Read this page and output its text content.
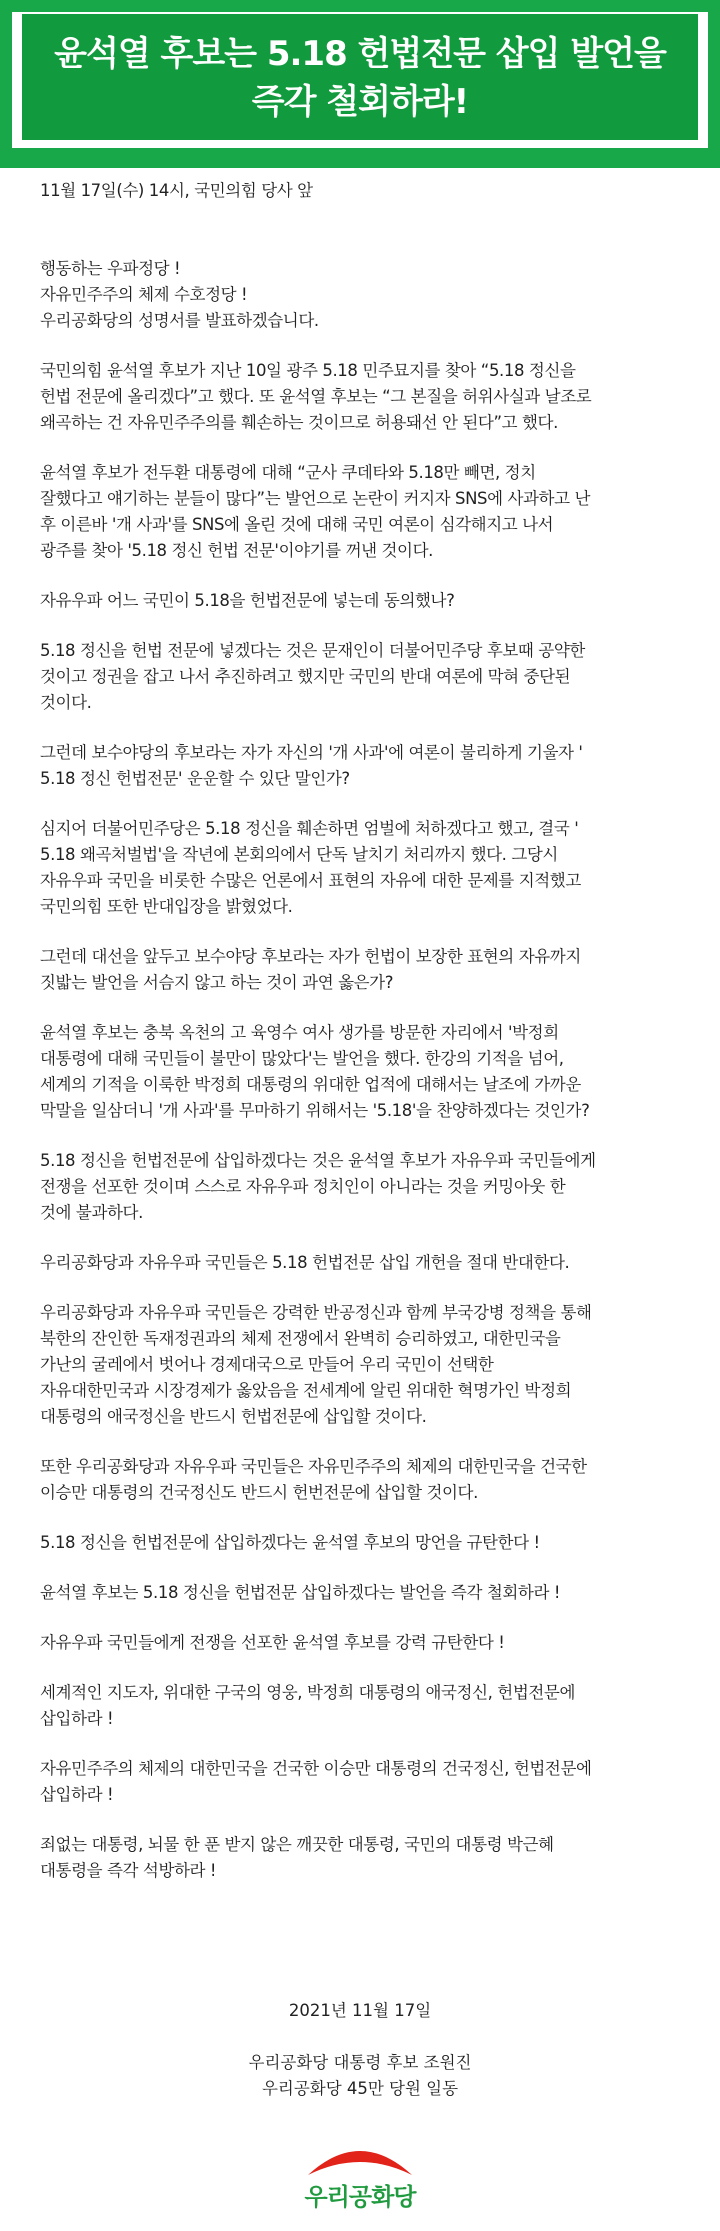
윤석열 후보는 5.18 헌법전문 삽입 발언을
즉각 철회하라!

11월 17일(수) 14시, 국민의힘 당사 앞

행동하는 우파정당 !
자유민주주의 체제 수호정당 !
우리공화당의 성명서를 발표하겠습니다.

국민의힘 윤석열 후보가 지난 10일 광주 5.18 민주묘지를 찾아 “5.18 정신을
헌법 전문에 올리겠다”고 했다. 또 윤석열 후보는 “그 본질을 허위사실과 날조로
왜곡하는 건 자유민주주의를 훼손하는 것이므로 허용돼선 안 된다”고 했다.

윤석열 후보가 전두환 대통령에 대해 “군사 쿠데타와 5.18만 빼면, 정치
잘했다고 얘기하는 분들이 많다”는 발언으로 논란이 커지자 SNS에 사과하고 난
후 이른바 '개 사과'를 SNS에 올린 것에 대해 국민 여론이 심각해지고 나서
광주를 찾아 '5.18 정신 헌법 전문'이야기를 꺼낸 것이다.

자유우파 어느 국민이 5.18을 헌법전문에 넣는데 동의했나?

5.18 정신을 헌법 전문에 넣겠다는 것은 문재인이 더불어민주당 후보때 공약한
것이고 정권을 잡고 나서 추진하려고 했지만 국민의 반대 여론에 막혀 중단된
것이다.

그런데 보수야당의 후보라는 자가 자신의 '개 사과'에 여론이 불리하게 기울자 '
5.18 정신 헌법전문' 운운할 수 있단 말인가?

심지어 더불어민주당은 5.18 정신을 훼손하면 엄벌에 처하겠다고 했고, 결국 '
5.18 왜곡처벌법'을 작년에 본회의에서 단독 날치기 처리까지 했다. 그당시
자유우파 국민을 비롯한 수많은 언론에서 표현의 자유에 대한 문제를 지적했고
국민의힘 또한 반대입장을 밝혔었다.

그런데 대선을 앞두고 보수야당 후보라는 자가 헌법이 보장한 표현의 자유까지
짓밟는 발언을 서슴지 않고 하는 것이 과연 옳은가?

윤석열 후보는 충북 옥천의 고 육영수 여사 생가를 방문한 자리에서 '박정희
대통령에 대해 국민들이 불만이 많았다'는 발언을 했다. 한강의 기적을 넘어,
세계의 기적을 이룩한 박정희 대통령의 위대한 업적에 대해서는 날조에 가까운
막말을 일삼더니 '개 사과'를 무마하기 위해서는 '5.18'을 찬양하겠다는 것인가?

5.18 정신을 헌법전문에 삽입하겠다는 것은 윤석열 후보가 자유우파 국민들에게
전쟁을 선포한 것이며 스스로 자유우파 정치인이 아니라는 것을 커밍아웃 한
것에 불과하다.

우리공화당과 자유우파 국민들은 5.18 헌법전문 삽입 개헌을 절대 반대한다.

우리공화당과 자유우파 국민들은 강력한 반공정신과 함께 부국강병 정책을 통해
북한의 잔인한 독재정권과의 체제 전쟁에서 완벽히 승리하였고, 대한민국을
가난의 굴레에서 벗어나 경제대국으로 만들어 우리 국민이 선택한
자유대한민국과 시장경제가 옳았음을 전세계에 알린 위대한 혁명가인 박정희
대통령의 애국정신을 반드시 헌법전문에 삽입할 것이다.

또한 우리공화당과 자유우파 국민들은 자유민주주의 체제의 대한민국을 건국한
이승만 대통령의 건국정신도 반드시 헌번전문에 삽입할 것이다.

5.18 정신을 헌법전문에 삽입하겠다는 윤석열 후보의 망언을 규탄한다 !

윤석열 후보는 5.18 정신을 헌법전문 삽입하겠다는 발언을 즉각 철회하라 !

자유우파 국민들에게 전쟁을 선포한 윤석열 후보를 강력 규탄한다 !

세계적인 지도자, 위대한 구국의 영웅, 박정희 대통령의 애국정신, 헌법전문에
삽입하라 !

자유민주주의 체제의 대한민국을 건국한 이승만 대통령의 건국정신, 헌법전문에
삽입하라 !

죄없는 대통령, 뇌물 한 푼 받지 않은 깨끗한 대통령, 국민의 대통령 박근혜
대통령을 즉각 석방하라 !

2021년 11월 17일
우리공화당 대통령 후보 조원진
우리공화당 45만 당원 일동
우리공화당
